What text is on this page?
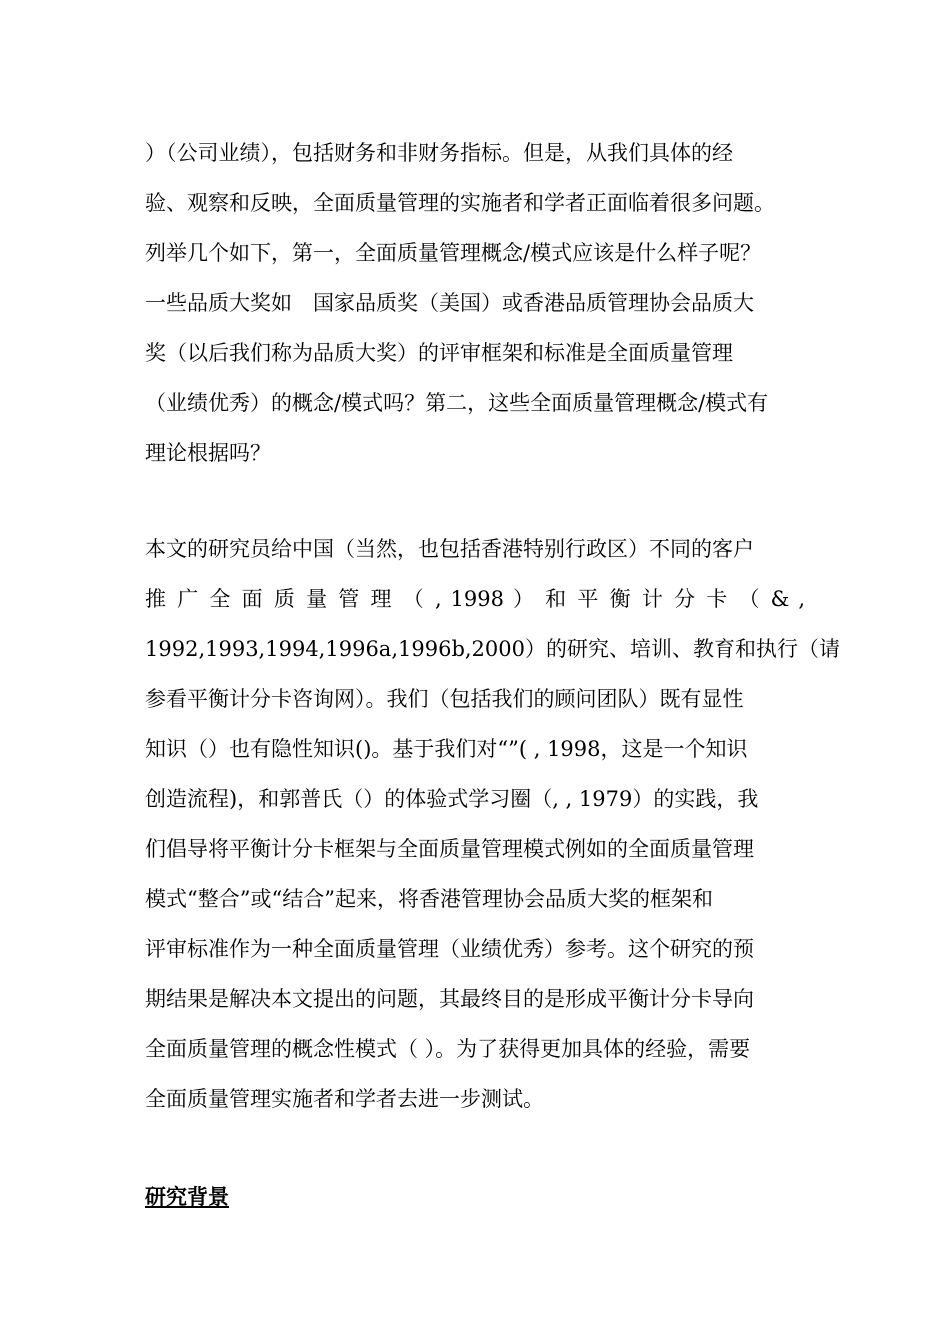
）（公司业绩），包括财务和非财务指标。但是，从我们具体的经
验、观察和反映，全面质量管理的实施者和学者正面临着很多问题。
列举几个如下，第一，全面质量管理概念/模式应该是什么样子呢？
一些品质大奖如　国家品质奖（美国）或香港品质管理协会品质大
奖（以后我们称为品质大奖）的评审框架和标准是全面质量管理
（业绩优秀）的概念/模式吗？第二，这些全面质量管理概念/模式有
理论根据吗？
本文的研究员给中国（当然，也包括香港特别行政区）不同的客户
推 广 全 面 质 量 管 理 （ , 1998 ） 和 平 衡 计 分 卡 （ & ,
1992,1993,1994,1996a,1996b,2000）的研究、培训、教育和执行（请
参看平衡计分卡咨询网）。我们（包括我们的顾问团队）既有显性
知识（）也有隐性知识()。基于我们对“”( , 1998，这是一个知识
创造流程)，和郭普氏（）的体验式学习圈（, , 1979）的实践，我
们倡导将平衡计分卡框架与全面质量管理模式例如的全面质量管理
模式“整合”或“结合”起来，将香港管理协会品质大奖的框架和
评审标准作为一种全面质量管理（业绩优秀）参考。这个研究的预
期结果是解决本文提出的问题，其最终目的是形成平衡计分卡导向
全面质量管理的概念性模式（ ）。为了获得更加具体的经验，需要
全面质量管理实施者和学者去进一步测试。
研究背景
